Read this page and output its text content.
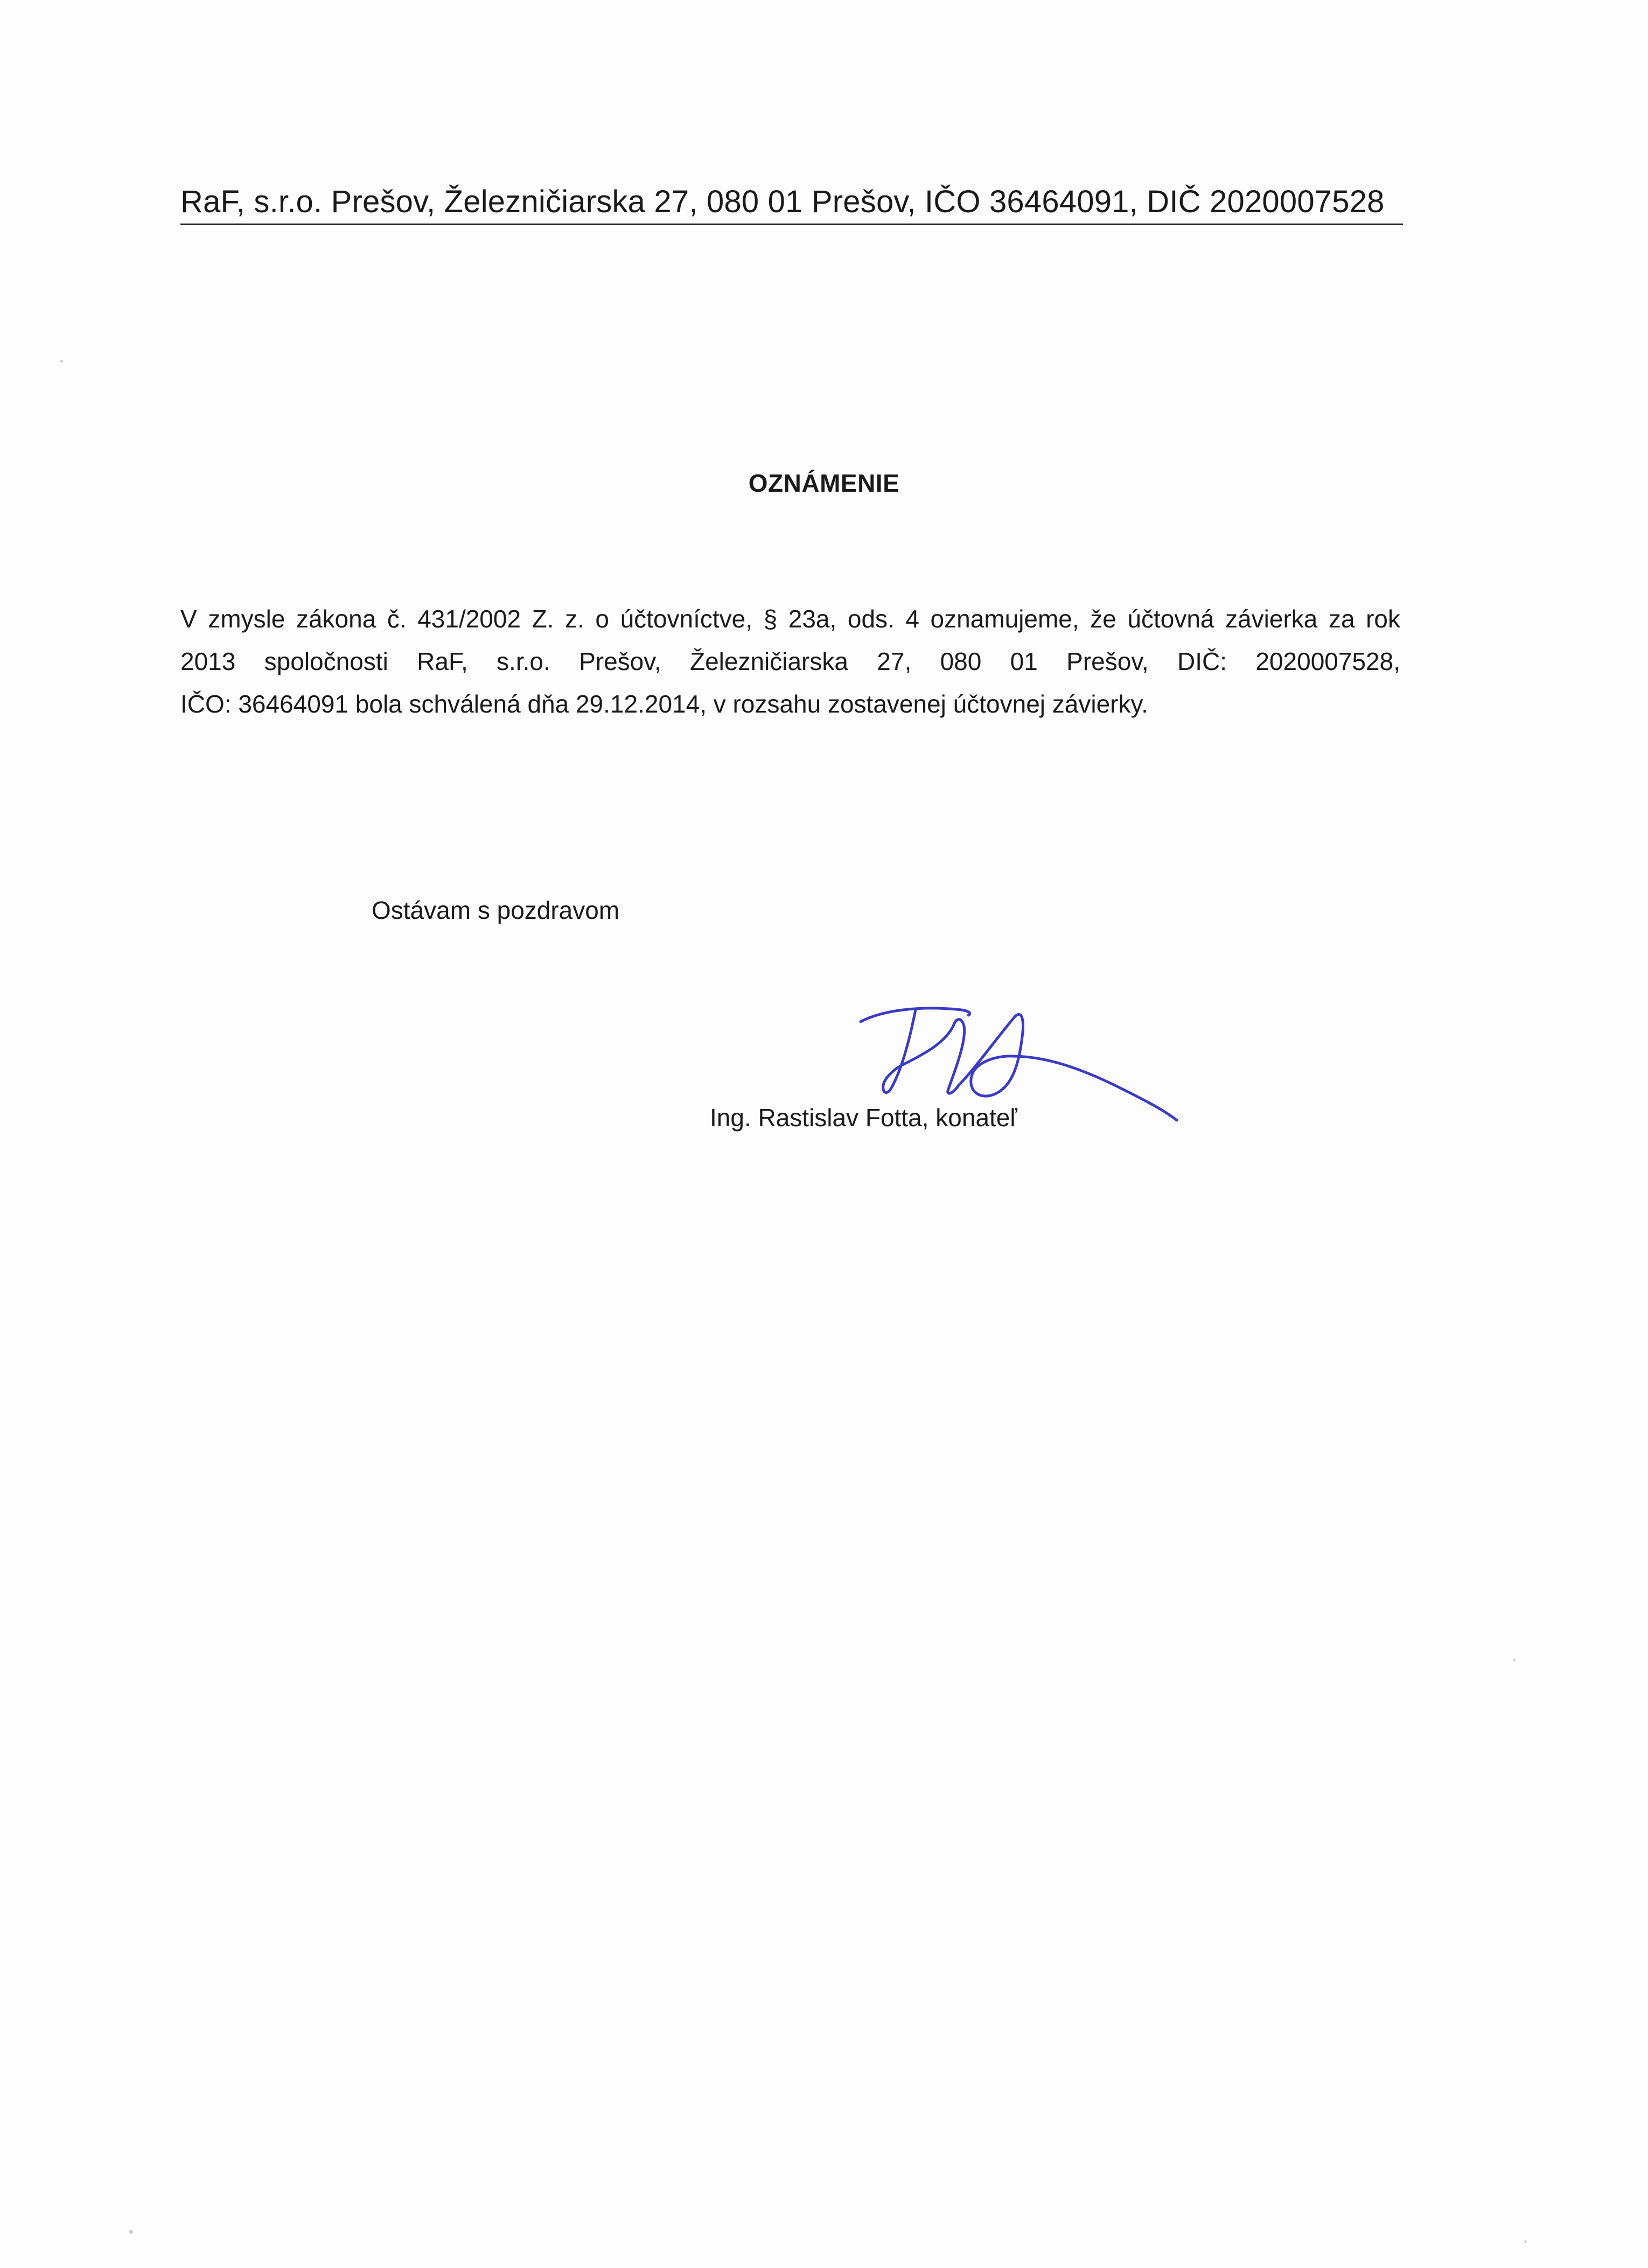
RaF, s.r.o. Prešov, Železničiarska 27, 080 01 Prešov, IČO 36464091, DIČ 2020007528
OZNÁMENIE

V zmysle zákona č. 431/2002 Z. z. o účtovníctve, § 23a, ods. 4 oznamujeme, že účtovná závierka za rok

2013 spoločnosti RaF, s.r.o. Prešov, Železničiarska 27, 080 01 Prešov, DIČ: 2020007528,

IČO: 36464091 bola schválená dňa 29.12.2014, v rozsahu zostavenej účtovnej závierky.

Ostávam s pozdravom
Ing. Rastislav Fotta, konateľ
